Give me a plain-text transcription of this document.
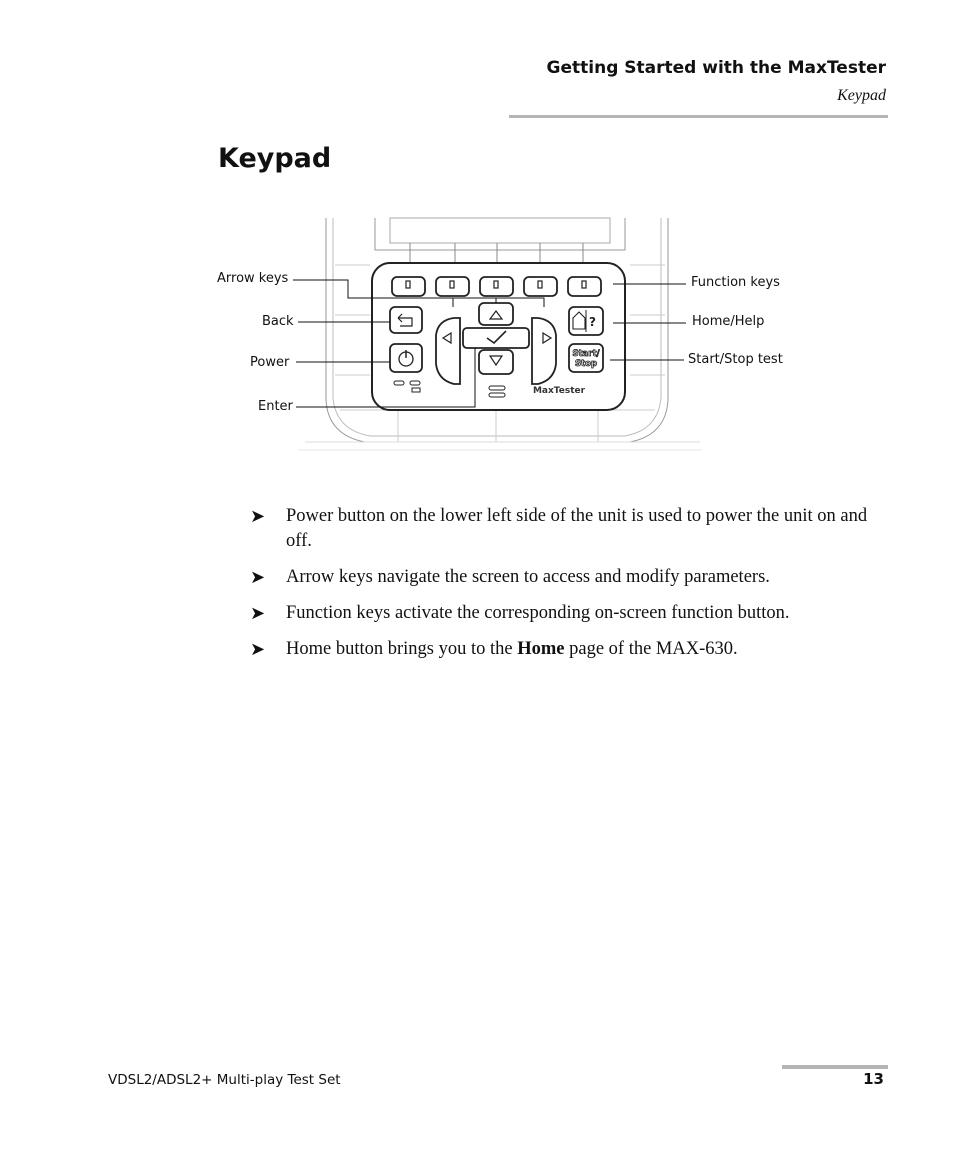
Getting Started with the MaxTester
Keypad
Keypad
?
Start/
Stop
MaxTester
Arrow keys
Back
Power
Enter
Function keys
Home/Help
Start/Stop test
➤ Power button on the lower left side of the unit is used to power the unit on and off.
➤ Arrow keys navigate the screen to access and modify parameters.
➤ Function keys activate the corresponding on-screen function button.
➤ Home button brings you to the Home page of the MAX-630.
VDSL2/ADSL2+ Multi-play Test Set	13
